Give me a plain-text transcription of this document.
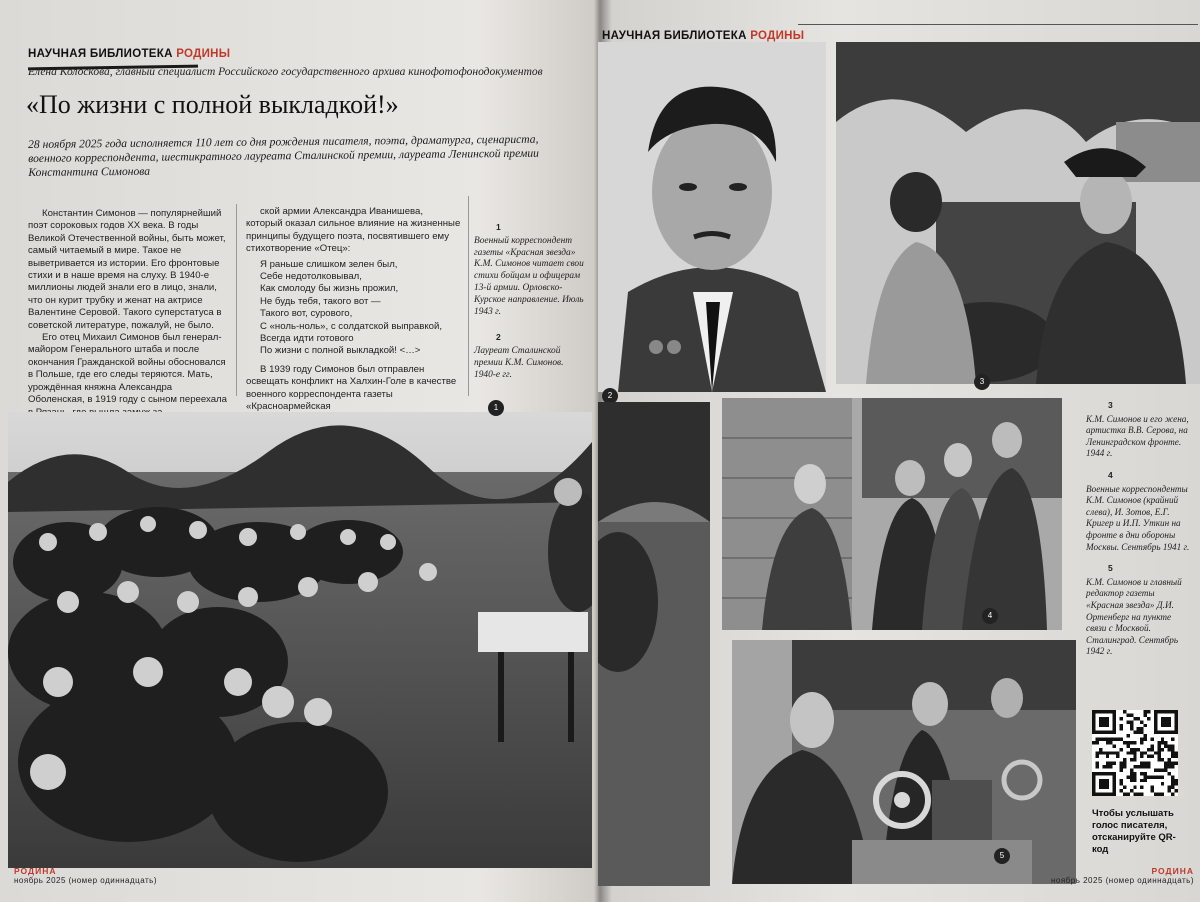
НАУЧНАЯ БИБЛИОТЕКА РОДИНЫ
Елена Колоскова, главный специалист Российского государственного архива кинофотофонодокументов
«По жизни с полной выкладкой!»
28 ноября 2025 года исполняется 110 лет со дня рождения писателя, поэта, драматурга, сценариста, военного корреспондента, шестикратного лауреата Сталинской премии, лауреата Ленинской премии Константина Симонова

Константин Симонов — популярнейший поэт сороковых годов XX века. В годы Великой Отечественной войны, быть может, самый читаемый в мире. Такое не выветривается из истории. Его фронтовые стихи и в наше время на слуху. В 1940-е миллионы людей знали его в лицо, знали, что он курит трубку и женат на актрисе Валентине Серовой. Такого суперстатуса в советской литературе, пожалуй, не было.

Его отец Михаил Симонов был генерал-майором Генерального штаба и после окончания Гражданской войны обосновался в Польше, где его следы теряются. Мать, урождённая княжна Александра Оболенская, в 1919 году с сыном переехала

ской армии Александра Иванишева, который оказал сильное влияние на жизненные принципы будущего поэта, посвятившего ему стихотворение «Отец»:

Я раньше слишком зелен был,
Себе недотолковывал,
Как смолоду бы жизнь прожил,
Не будь тебя, такого вот —
Такого вот, сурового,
С «ноль-ноль», с солдатской выправкой,
Всегда идти готового
По жизни с полной выкладкой! <…>

В 1939 году Симонов был отправлен освещать конфликт на Халхин-Голе в качестве военного корреспондента газеты «Красноармейская

1
Военный корреспондент газеты «Красная звезда» К.М. Симонов читает свои стихи бойцам и офицерам 13-й армии. Орловско-Курское направление. Июль 1943 г.
2
Лауреат Сталинской премии К.М. Симонов. 1940-е гг.
1
РОДИНА
ноябрь 2025 (номер одиннадцать)
НАУЧНАЯ БИБЛИОТЕКА РОДИНЫ
2
3
4
5
3
К.М. Симонов и его жена, артистка В.В. Серова, на Ленинградском фронте. 1944 г.
4
Военные корреспонденты К.М. Симонов (крайний слева), И. Зотов, Е.Г. Кригер и И.П. Уткин на фронте в дни обороны Москвы. Сентябрь 1941 г.
5
К.М. Симонов и главный редактор газеты «Красная звезда» Д.И. Ортенберг на пункте связи с Москвой. Сталинград. Сентябрь 1942 г.
Чтобы услышать голос писателя, отсканируйте QR-код
РОДИНА
ноябрь 2025 (номер одиннадцать)
